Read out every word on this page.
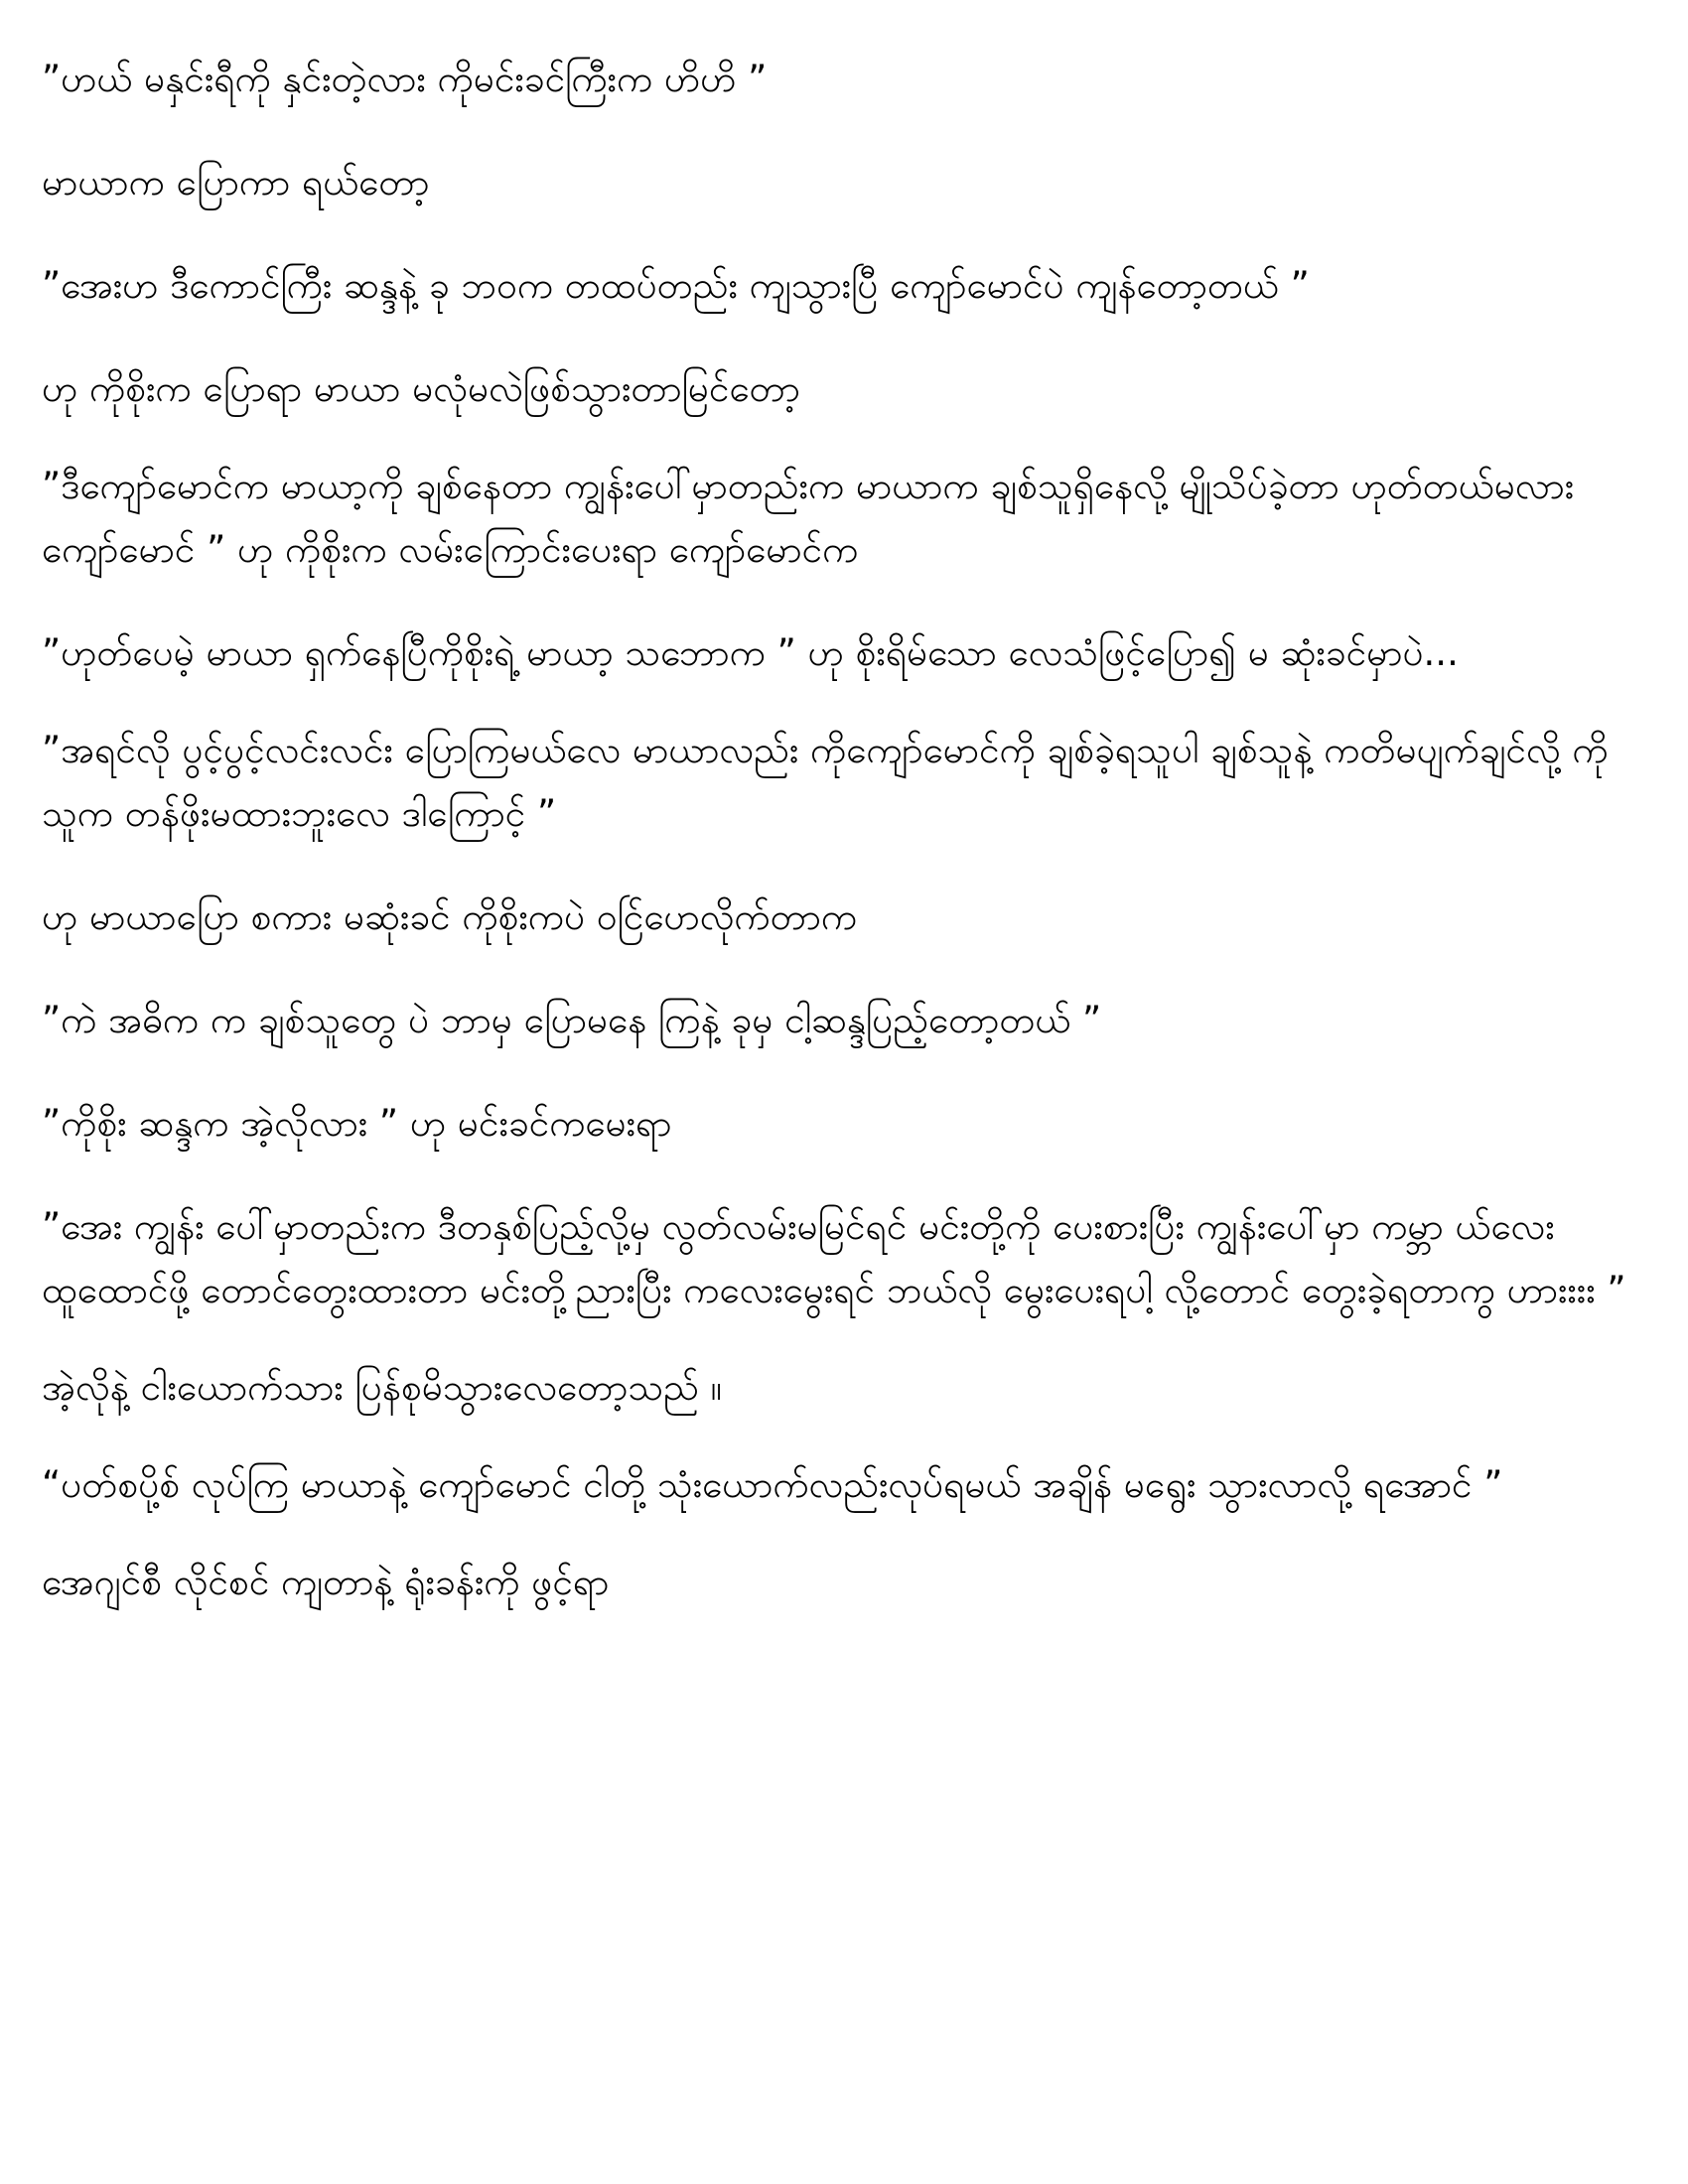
”ဟယ် မနှင်းရီကို နှင်းတဲ့လား ကိုမင်းခင်ကြီးက ဟိဟိ ”

မာယာက ပြောကာ ရယ်တော့

”အေးဟ ဒီကောင်ကြီး ဆန္ဒနဲ့ ခု ဘဝက တထပ်တည်း ကျသွားပြီ ကျော်မောင်ပဲ ကျန်တော့တယ် ”

ဟု ကိုစိုးက ပြောရာ မာယာ မလုံမလဲဖြစ်သွားတာမြင်တော့

”ဒီကျော်မောင်က မာယာ့ကို ချစ်နေတာ ကျွန်းပေါ်မှာတည်းက မာယာက ချစ်သူရှိနေလို့ မျိုသိပ်ခဲ့တာ ဟုတ်တယ်မလား ကျော်မောင် ” ဟု ကိုစိုးက လမ်းကြောင်းပေးရာ ကျော်မောင်က

”ဟုတ်ပေမဲ့ မာယာ ရှက်နေပြီကိုစိုးရဲ့ မာယာ့ သဘောက ” ဟု စိုးရိမ်သော လေသံဖြင့်ပြော၍ မ ဆုံးခင်မှာပဲ...

”အရင်လို ပွင့်ပွင့်လင်းလင်း ပြောကြမယ်လေ မာယာလည်း ကိုကျော်မောင်ကို ချစ်ခဲ့ရသူပါ ချစ်သူနဲ့ ကတိမပျက်ချင်လို့ ကို သူက တန်ဖိုးမထားဘူးလေ ဒါကြောင့် ”

ဟု မာယာပြော စကား မဆုံးခင် ကိုစိုးကပဲ ဝင်ြပောလိုက်တာက

”ကဲ အဓိက က ချစ်သူတွေ ပဲ ဘာမှ ပြောမနေ ကြနဲ့ ခုမှ ငါ့ဆန္ဒပြည့်တော့တယ် ”

”ကိုစိုး ဆန္ဒက အဲ့လိုလား ” ဟု မင်းခင်ကမေးရာ

”အေး ကျွန်း ပေါ်မှာတည်းက ဒီတနှစ်ပြည့်လို့မှ လွတ်လမ်းမမြင်ရင် မင်းတို့ကို ပေးစားပြီး ကျွန်းပေါ်မှာ ကမ္ဘာ ယ်လေး ထူထောင်ဖို့ တောင်တွေးထားတာ မင်းတို့ညားပြီး ကလေးမွေးရင် ဘယ်လို မွေးပေးရပါ့ လို့တောင် တွေးခဲ့ရတာကွ ဟားးးး ”

အဲ့လိုနဲ့ ငါးယောက်သား ပြန်စုမိသွားလေတော့သည် ။

“ပတ်စပို့စ် လုပ်ကြ မာယာနဲ့ ကျော်မောင် ငါတို့ သုံးယောက်လည်းလုပ်ရမယ် အချိန် မရွေး သွားလာလို့ ရအောင် ”

အေဂျင်စီ လိုင်စင် ကျတာနဲ့ ရုံးခန်းကို ဖွင့်ရာ
